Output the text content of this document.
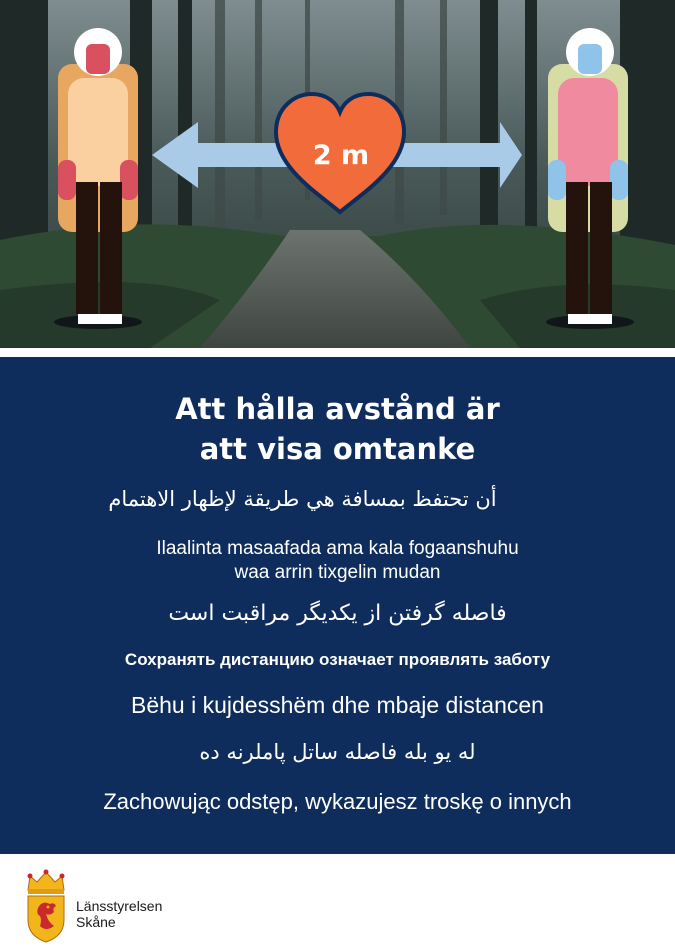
2 m
Att hålla avstånd är
att visa omtanke
أن تحتفظ بمسافة هي طريقة لإظهار الاهتمام
Ilaalinta masaafada ama kala fogaanshuhu
waa arrin tixgelin mudan
فاصله گرفتن از یکدیگر مراقبت است
Сохранять дистанцию означает проявлять заботу
Bëhu i kujdesshëm dhe mbaje distancen
له یو بله فاصله ساتل پاملرنه ده
Zachowując odstęp, wykazujesz troskę o innych
Länsstyrelsen
Skåne
